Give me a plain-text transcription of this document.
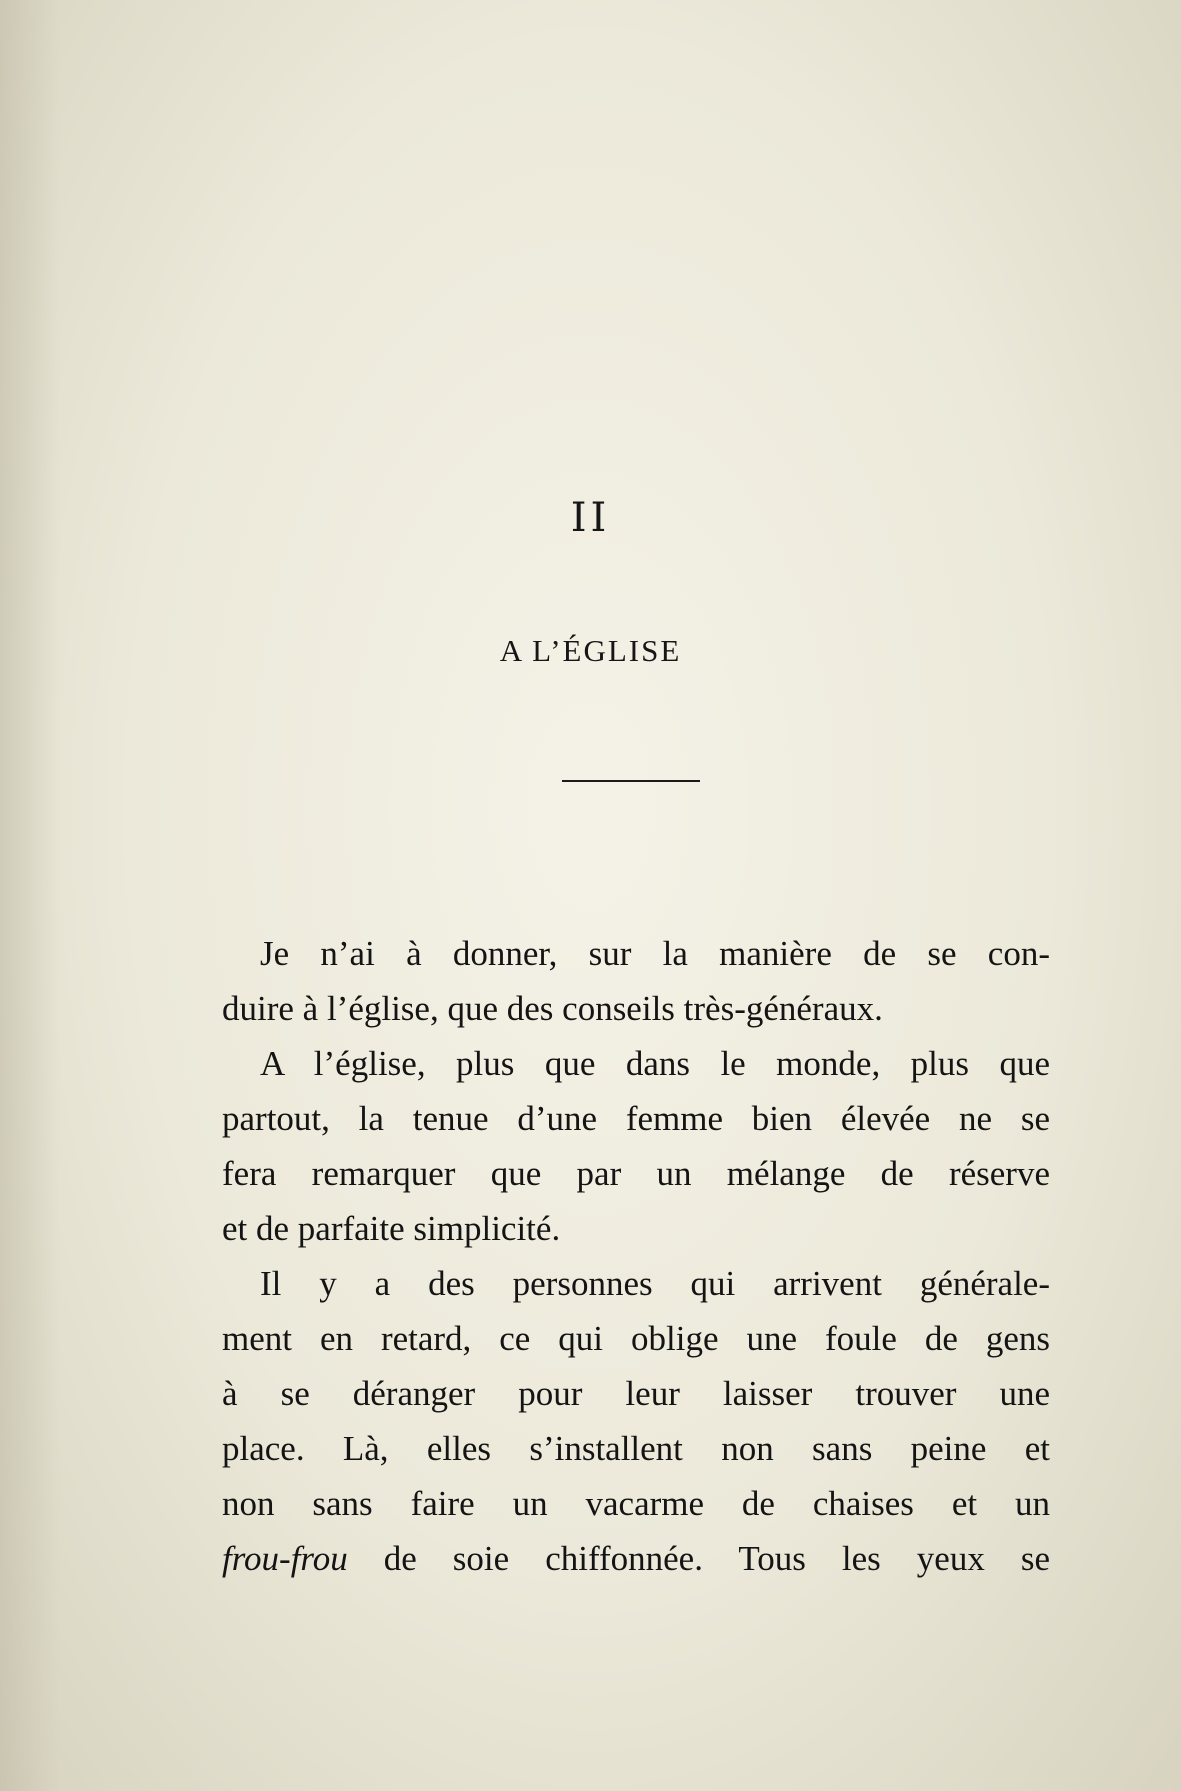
II
A L’ÉGLISE
Je n’ai à donner, sur la manière de se con-
duire à l’église, que des conseils très-généraux.
A l’église, plus que dans le monde, plus que
partout, la tenue d’une femme bien élevée ne se
fera remarquer que par un mélange de réserve
et de parfaite simplicité.
Il y a des personnes qui arrivent générale-
ment en retard, ce qui oblige une foule de gens
à se déranger pour leur laisser trouver une
place. Là, elles s’installent non sans peine et
non sans faire un vacarme de chaises et un
frou-frou de soie chiffonnée. Tous les yeux se
